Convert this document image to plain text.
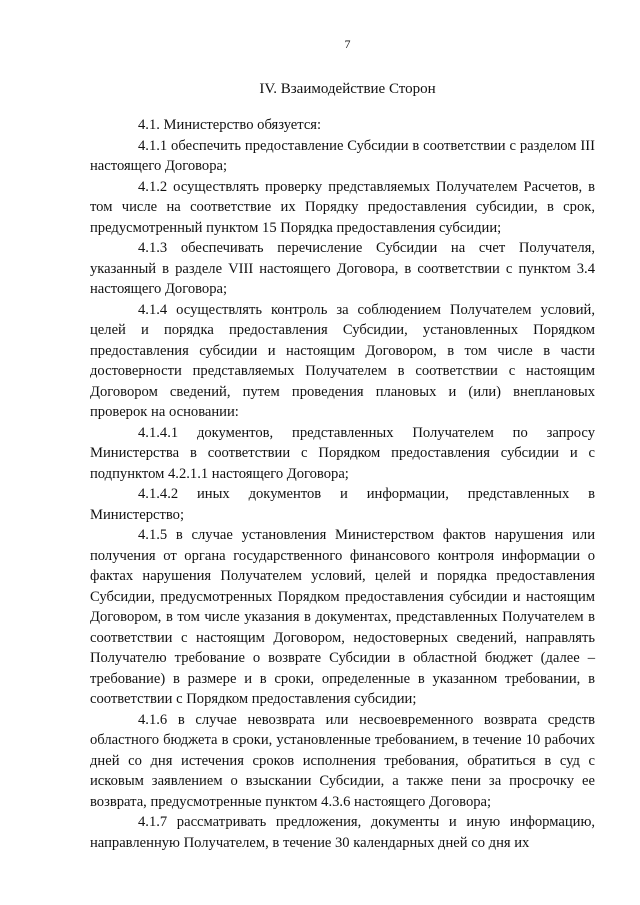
7
IV. Взаимодействие Сторон

4.1. Министерство обязуется:

4.1.1 обеспечить предоставление Субсидии в соответствии с разделом III настоящего Договора;

4.1.2 осуществлять проверку представляемых Получателем Расчетов, в том числе на соответствие их Порядку предоставления субсидии, в срок, предусмотренный пунктом 15 Порядка предоставления субсидии;

4.1.3 обеспечивать перечисление Субсидии на счет Получателя, указанный в разделе VIII настоящего Договора, в соответствии с пунктом 3.4 настоящего Договора;

4.1.4 осуществлять контроль за соблюдением Получателем условий, целей и порядка предоставления Субсидии, установленных Порядком предоставления субсидии и настоящим Договором, в том числе в части достоверности представляемых Получателем в соответствии с настоящим Договором сведений, путем проведения плановых и (или) внеплановых проверок на основании:

4.1.4.1 документов, представленных Получателем по запросу Министерства в соответствии с Порядком предоставления субсидии и с подпунктом 4.2.1.1 настоящего Договора;

4.1.4.2 иных документов и информации, представленных в Министерство;

4.1.5 в случае установления Министерством фактов нарушения или получения от органа государственного финансового контроля информации о фактах нарушения Получателем условий, целей и порядка предоставления Субсидии, предусмотренных Порядком предоставления субсидии и настоящим Договором, в том числе указания в документах, представленных Получателем в соответствии с настоящим Договором, недостоверных сведений, направлять Получателю требование о возврате Субсидии в областной бюджет (далее – требование) в размере и в сроки, определенные в указанном требовании, в соответствии с Порядком предоставления субсидии;

4.1.6 в случае невозврата или несвоевременного возврата средств областного бюджета в сроки, установленные требованием, в течение 10 рабочих дней со дня истечения сроков исполнения требования, обратиться в суд с исковым заявлением о взыскании Субсидии, а также пени за просрочку ее возврата, предусмотренные пунктом 4.3.6 настоящего Договора;

4.1.7 рассматривать предложения, документы и иную информацию, направленную Получателем, в течение 30 календарных дней со дня их
